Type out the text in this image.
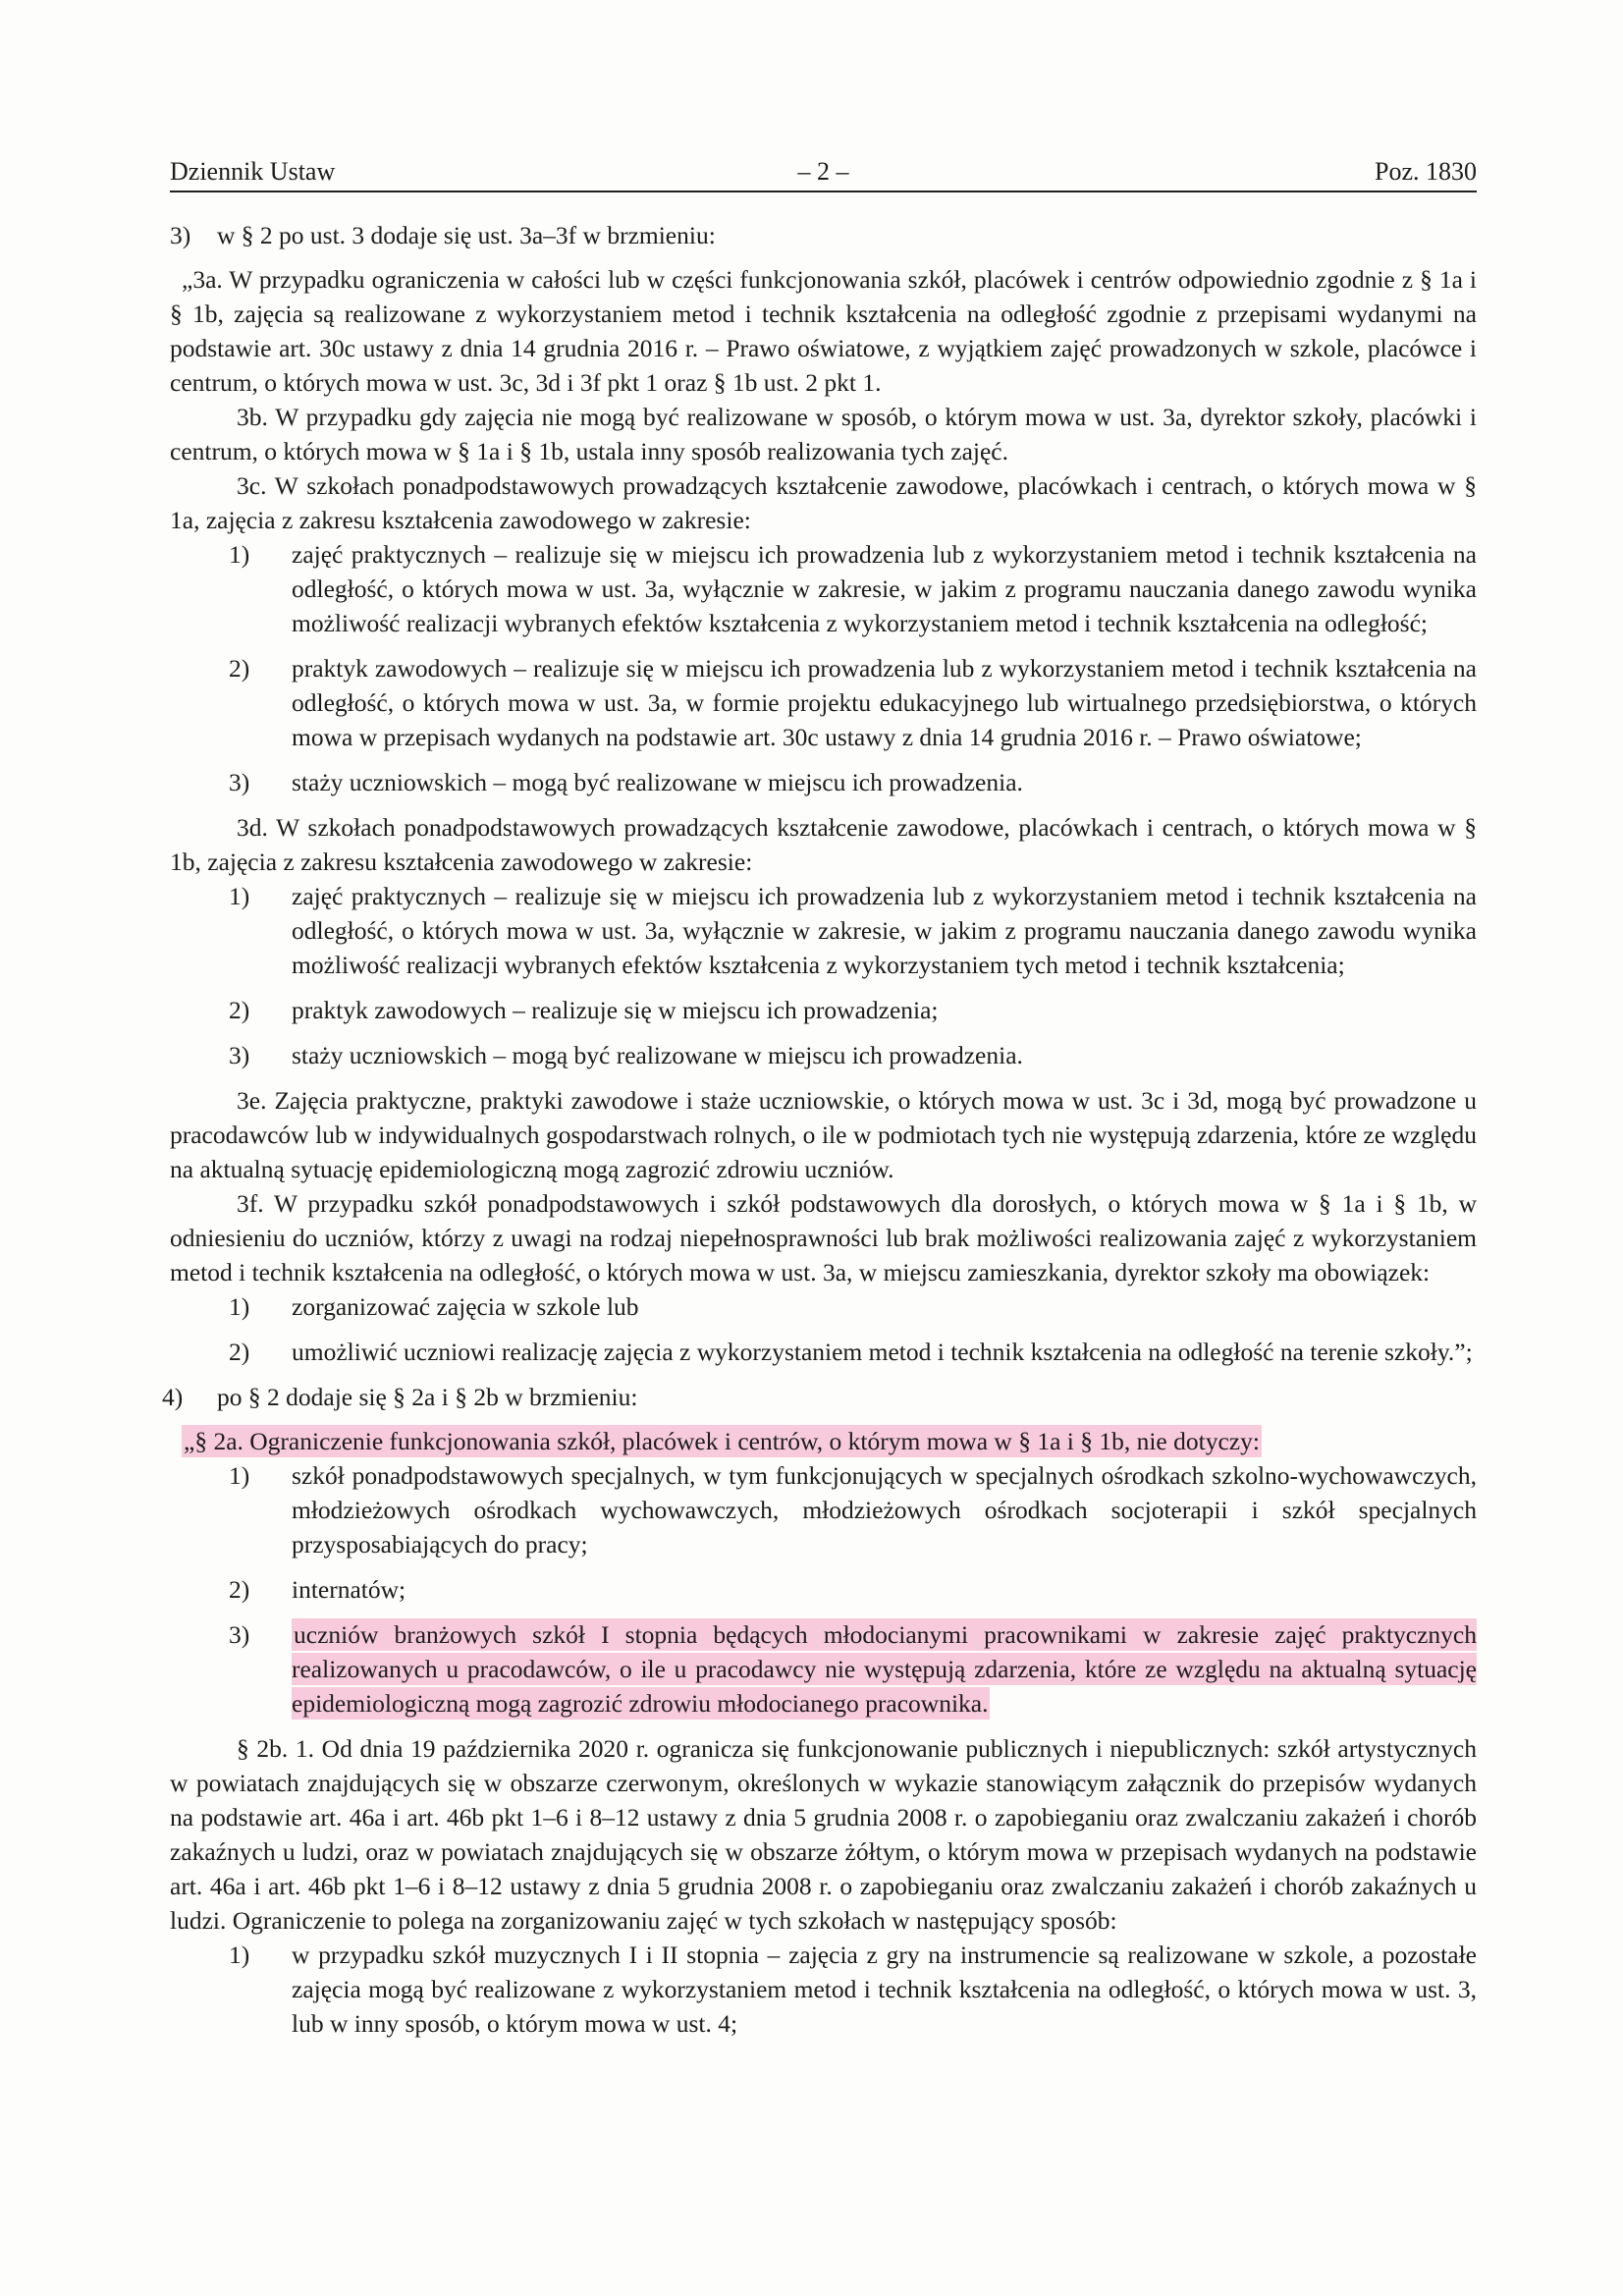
Dziennik Ustaw	– 2 –	Poz. 1830
3)	w § 2 po ust. 3 dodaje się ust. 3a–3f w brzmieniu:

„3a. W przypadku ograniczenia w całości lub w części funkcjonowania szkół, placówek i centrów odpowiednio zgodnie z § 1a i § 1b, zajęcia są realizowane z wykorzystaniem metod i technik kształcenia na odległość zgodnie z przepisami wydanymi na podstawie art. 30c ustawy z dnia 14 grudnia 2016 r. – Prawo oświatowe, z wyjątkiem zajęć prowadzonych w szkole, placówce i centrum, o których mowa w ust. 3c, 3d i 3f pkt 1 oraz § 1b ust. 2 pkt 1.

3b. W przypadku gdy zajęcia nie mogą być realizowane w sposób, o którym mowa w ust. 3a, dyrektor szkoły, placówki i centrum, o których mowa w § 1a i § 1b, ustala inny sposób realizowania tych zajęć.

3c. W szkołach ponadpodstawowych prowadzących kształcenie zawodowe, placówkach i centrach, o których mowa w § 1a, zajęcia z zakresu kształcenia zawodowego w zakresie:

1)	zajęć praktycznych – realizuje się w miejscu ich prowadzenia lub z wykorzystaniem metod i technik kształcenia na odległość, o których mowa w ust. 3a, wyłącznie w zakresie, w jakim z programu nauczania danego zawodu wynika możliwość realizacji wybranych efektów kształcenia z wykorzystaniem metod i technik kształcenia na odległość;
2)	praktyk zawodowych – realizuje się w miejscu ich prowadzenia lub z wykorzystaniem metod i technik kształcenia na odległość, o których mowa w ust. 3a, w formie projektu edukacyjnego lub wirtualnego przedsiębiorstwa, o których mowa w przepisach wydanych na podstawie art. 30c ustawy z dnia 14 grudnia 2016 r. – Prawo oświatowe;
3)	staży uczniowskich – mogą być realizowane w miejscu ich prowadzenia.

3d. W szkołach ponadpodstawowych prowadzących kształcenie zawodowe, placówkach i centrach, o których mowa w § 1b, zajęcia z zakresu kształcenia zawodowego w zakresie:

1)	zajęć praktycznych – realizuje się w miejscu ich prowadzenia lub z wykorzystaniem metod i technik kształcenia na odległość, o których mowa w ust. 3a, wyłącznie w zakresie, w jakim z programu nauczania danego zawodu wynika możliwość realizacji wybranych efektów kształcenia z wykorzystaniem tych metod i technik kształcenia;
2)	praktyk zawodowych – realizuje się w miejscu ich prowadzenia;
3)	staży uczniowskich – mogą być realizowane w miejscu ich prowadzenia.

3e. Zajęcia praktyczne, praktyki zawodowe i staże uczniowskie, o których mowa w ust. 3c i 3d, mogą być prowadzone u pracodawców lub w indywidualnych gospodarstwach rolnych, o ile w podmiotach tych nie występują zdarzenia, które ze względu na aktualną sytuację epidemiologiczną mogą zagrozić zdrowiu uczniów.

3f. W przypadku szkół ponadpodstawowych i szkół podstawowych dla dorosłych, o których mowa w § 1a i § 1b, w odniesieniu do uczniów, którzy z uwagi na rodzaj niepełnosprawności lub brak możliwości realizowania zajęć z wykorzystaniem metod i technik kształcenia na odległość, o których mowa w ust. 3a, w miejscu zamieszkania, dyrektor szkoły ma obowiązek:

1)	zorganizować zajęcia w szkole lub
2)	umożliwić uczniowi realizację zajęcia z wykorzystaniem metod i technik kształcenia na odległość na terenie szkoły.”;
4)	po § 2 dodaje się § 2a i § 2b w brzmieniu:

„§ 2a. Ograniczenie funkcjonowania szkół, placówek i centrów, o którym mowa w § 1a i § 1b, nie dotyczy:

1)	szkół ponadpodstawowych specjalnych, w tym funkcjonujących w specjalnych ośrodkach szkolno-wychowawczych, młodzieżowych ośrodkach wychowawczych, młodzieżowych ośrodkach socjoterapii i szkół specjalnych przysposabiających do pracy;
2)	internatów;
3)	uczniów branżowych szkół I stopnia będących młodocianymi pracownikami w zakresie zajęć praktycznych realizowanych u pracodawców, o ile u pracodawcy nie występują zdarzenia, które ze względu na aktualną sytuację epidemiologiczną mogą zagrozić zdrowiu młodocianego pracownika.

§ 2b. 1. Od dnia 19 października 2020 r. ogranicza się funkcjonowanie publicznych i niepublicznych: szkół artystycznych w powiatach znajdujących się w obszarze czerwonym, określonych w wykazie stanowiącym załącznik do przepisów wydanych na podstawie art. 46a i art. 46b pkt 1–6 i 8–12 ustawy z dnia 5 grudnia 2008 r. o zapobieganiu oraz zwalczaniu zakażeń i chorób zakaźnych u ludzi, oraz w powiatach znajdujących się w obszarze żółtym, o którym mowa w przepisach wydanych na podstawie art. 46a i art. 46b pkt 1–6 i 8–12 ustawy z dnia 5 grudnia 2008 r. o zapobieganiu oraz zwalczaniu zakażeń i chorób zakaźnych u ludzi. Ograniczenie to polega na zorganizowaniu zajęć w tych szkołach w następujący sposób:

1)	w przypadku szkół muzycznych I i II stopnia – zajęcia z gry na instrumencie są realizowane w szkole, a pozostałe zajęcia mogą być realizowane z wykorzystaniem metod i technik kształcenia na odległość, o których mowa w ust. 3, lub w inny sposób, o którym mowa w ust. 4;
